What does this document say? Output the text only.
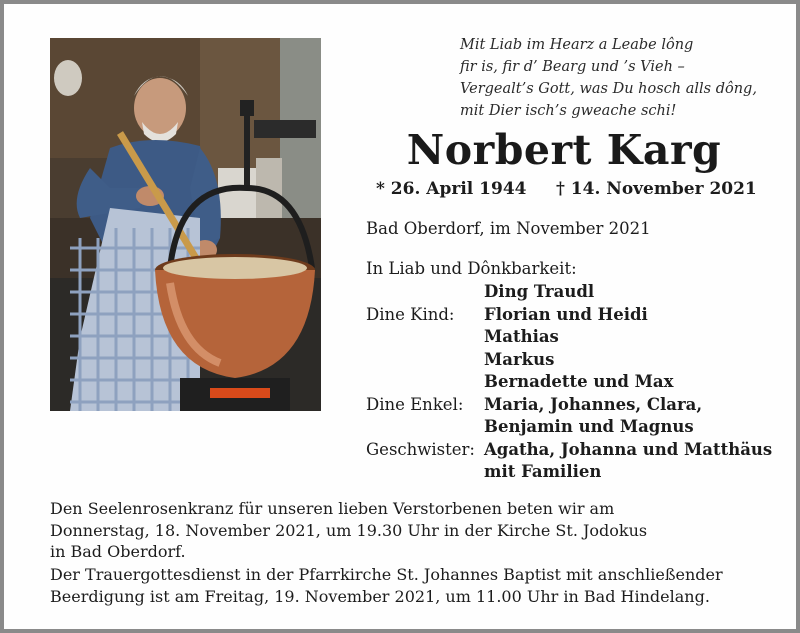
Mit Liab im Hearz a Leabe lông
fir is, fir d’ Bearg und ’s Vieh –
Vergealt’s Gott, was Du hosch alls dông,
mit Dier isch’s gweache schi!
Norbert Karg
* 26. April 1944 † 14. November 2021
Bad Oberdorf, im November 2021
In Liab und Dônkbarkeit:
Ding Traudl
Dine Kind: Florian und Heidi
Mathias
Markus
Bernadette und Max
Dine Enkel: Maria, Johannes, Clara,
Benjamin und Magnus
Geschwister: Agatha, Johanna und Matthäus
mit Familien
Den Seelenrosenkranz für unseren lieben Verstorbenen beten wir am
Donnerstag, 18. November 2021, um 19.30 Uhr in der Kirche St. Jodokus
in Bad Oberdorf.
Der Trauergottesdienst in der Pfarrkirche St. Johannes Baptist mit anschließender
Beerdigung ist am Freitag, 19. November 2021, um 11.00 Uhr in Bad Hindelang.
